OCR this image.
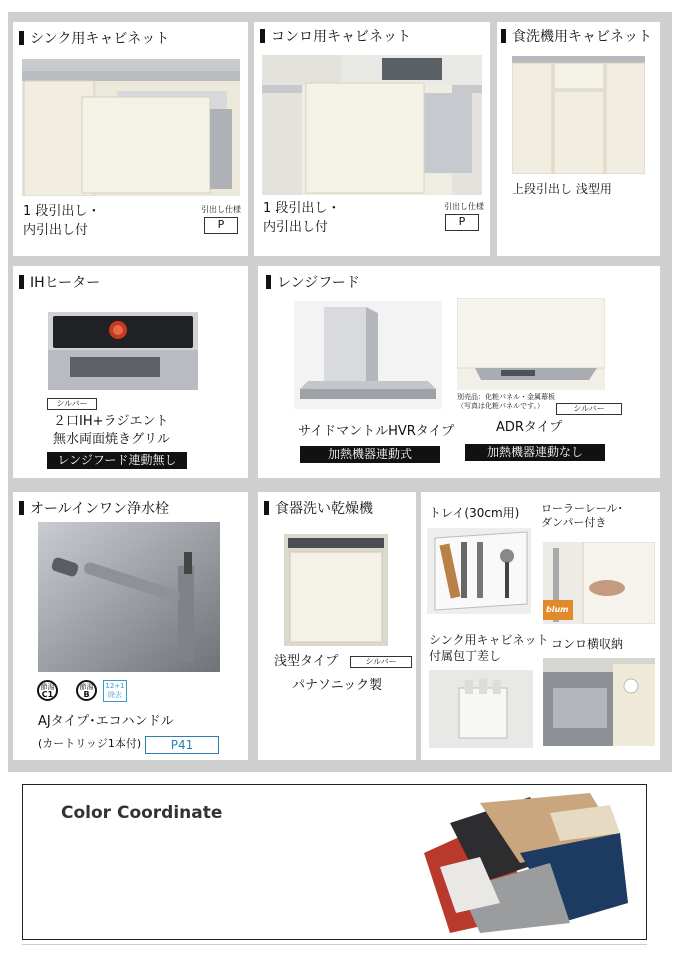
シンク用キャビネット
1 段引出し・
内引出し付
引出し仕様
P
コンロ用キャビネット
1 段引出し・
内引出し付
引出し仕様
P
食洗機用キャビネット
上段引出し 浅型用
IHヒーター
シルバー
２口IH+ラジエント
無水両面焼きグリル
レンジフード連動無し
レンジフード
サイドマントルHVRタイプ
加熱機器連動式
別売品：化粧パネル・金属幕板
（写真は化粧パネルです。）	シルバー
ADRタイプ
加熱機器連動なし
オールインワン浄水栓
節湯
C1
節湯
B
12+1
除去
AJタイプ･エコハンドル
(カートリッジ1本付)	P41
食器洗い乾燥機
浅型タイプ	シルバー
パナソニック製
トレイ(30cm用) ローラーレール･
ダンパー付き
blum
シンク用キャビネット
付属包丁差し
コンロ横収納
Color Coordinate
